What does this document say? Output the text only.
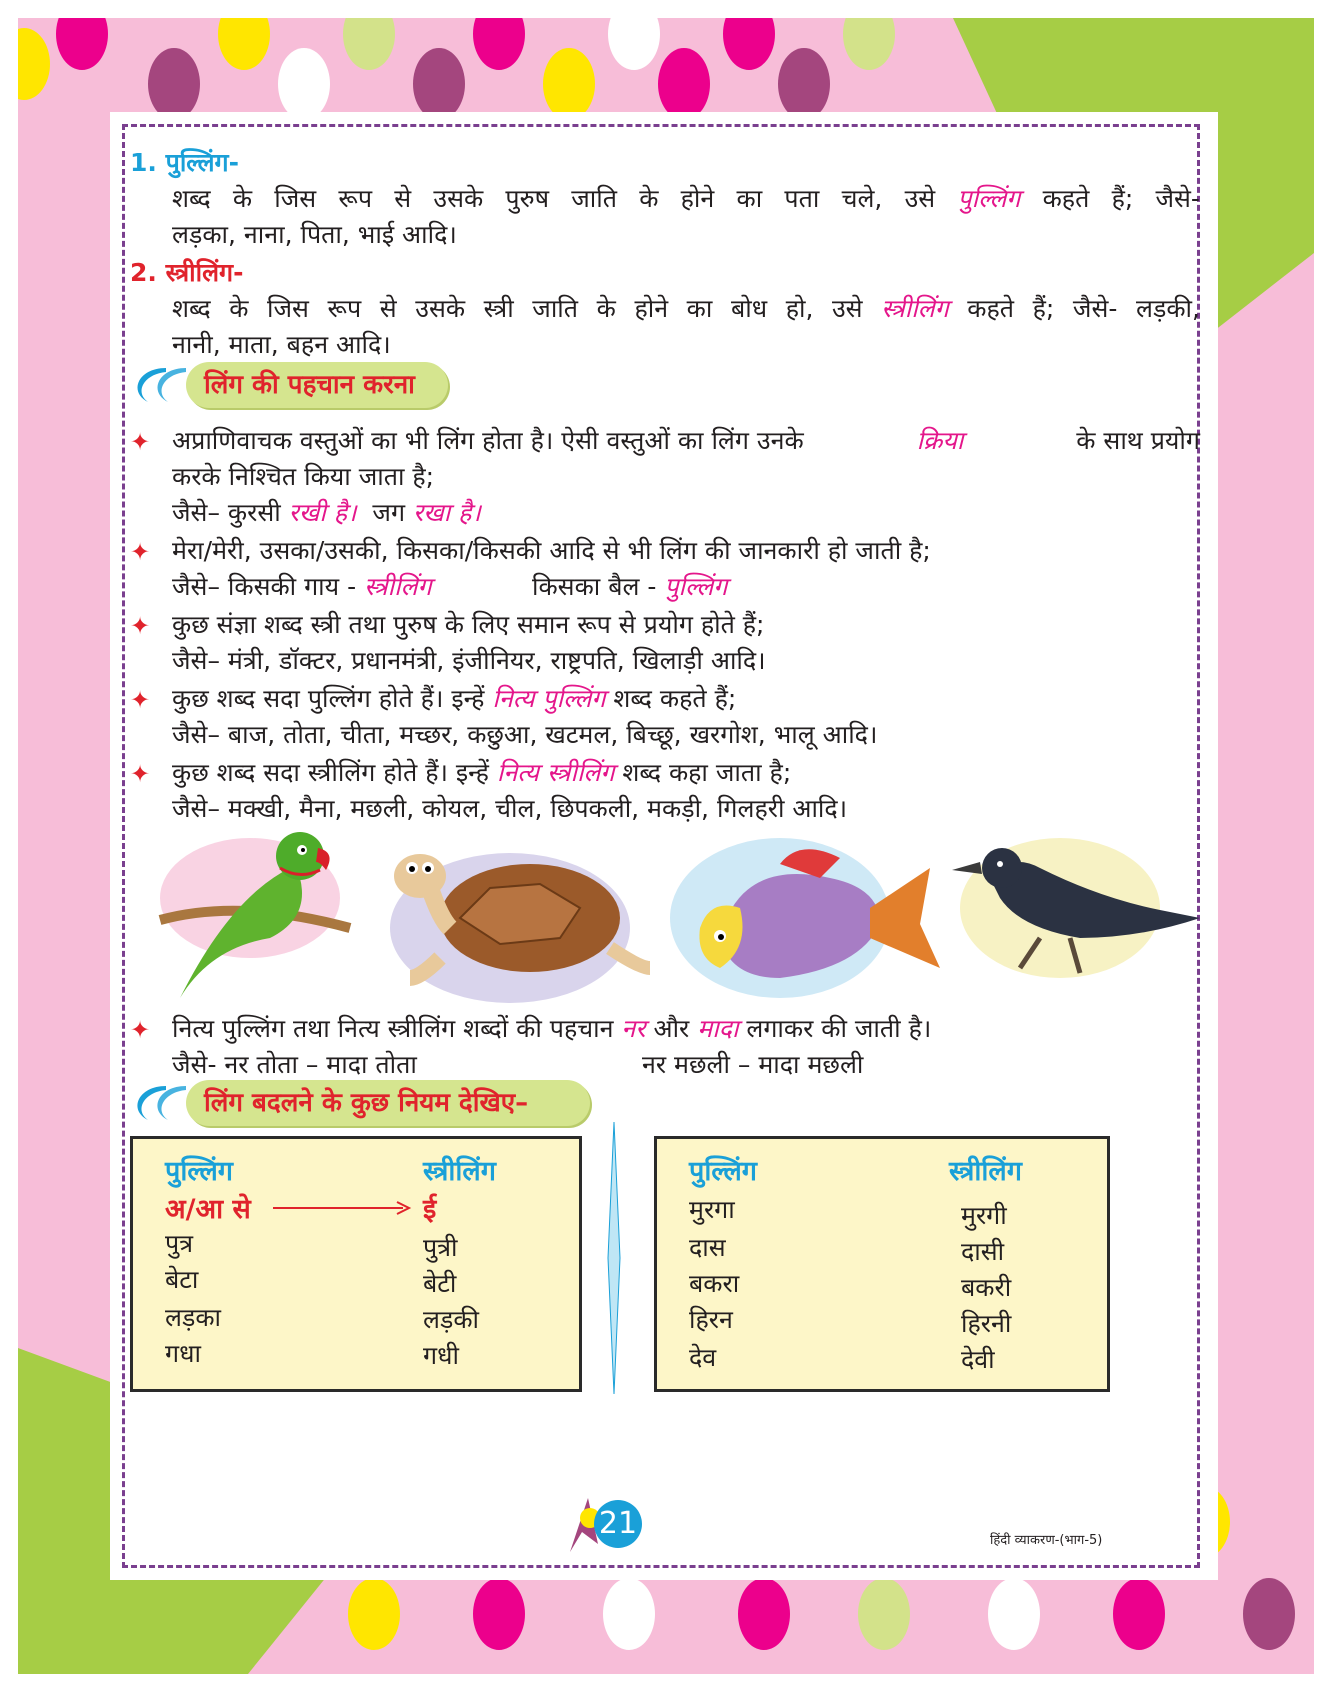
1. पुल्लिंग-
शब्द के जिस रूप से उसके पुरुष जाति के होने का पता चले, उसे पुल्लिंग कहते हैं; जैसे-
लड़का, नाना, पिता, भाई आदि।
2. स्त्रीलिंग-
शब्द के जिस रूप से उसके स्त्री जाति के होने का बोध हो, उसे स्त्रीलिंग कहते हैं; जैसे- लड़की,
नानी, माता, बहन आदि।
लिंग की पहचान करना
✦ अप्राणिवाचक वस्तुओं का भी लिंग होता है। ऐसी वस्तुओं का लिंग उनके	क्रिया	के साथ प्रयोग
करके निश्चित किया जाता है;
जैसे– कुरसी रखी है। जग रखा है।
✦ मेरा/मेरी, उसका/उसकी, किसका/किसकी आदि से भी लिंग की जानकारी हो जाती है;
जैसे– किसकी गाय - स्त्रीलिंग	किसका बैल - पुल्लिंग
✦ कुछ संज्ञा शब्द स्त्री तथा पुरुष के लिए समान रूप से प्रयोग होते हैं;
जैसे– मंत्री, डॉक्टर, प्रधानमंत्री, इंजीनियर, राष्ट्रपति, खिलाड़ी आदि।
✦ कुछ शब्द सदा पुल्लिंग होते हैं। इन्हें नित्य पुल्लिंग शब्द कहते हैं;
जैसे– बाज, तोता, चीता, मच्छर, कछुआ, खटमल, बिच्छू, खरगोश, भालू आदि।
✦ कुछ शब्द सदा स्त्रीलिंग होते हैं। इन्हें नित्य स्त्रीलिंग शब्द कहा जाता है;
जैसे– मक्खी, मैना, मछली, कोयल, चील, छिपकली, मकड़ी, गिलहरी आदि।
✦ नित्य पुल्लिंग तथा नित्य स्त्रीलिंग शब्दों की पहचान नर और मादा लगाकर की जाती है।
जैसे- नर तोता – मादा तोता	नर मछली – मादा मछली
लिंग बदलने के कुछ नियम देखिए–
पुल्लिंग	स्त्रीलिंग
अ/आ से	ई
पुत्र	पुत्री
बेटा	बेटी
लड़का	लड़की
गधा	गधी
पुल्लिंग	स्त्रीलिंग
मुरगा	मुरगी
दास	दासी
बकरा	बकरी
हिरन	हिरनी
देव	देवी
21	हिंदी व्याकरण-(भाग-5)
